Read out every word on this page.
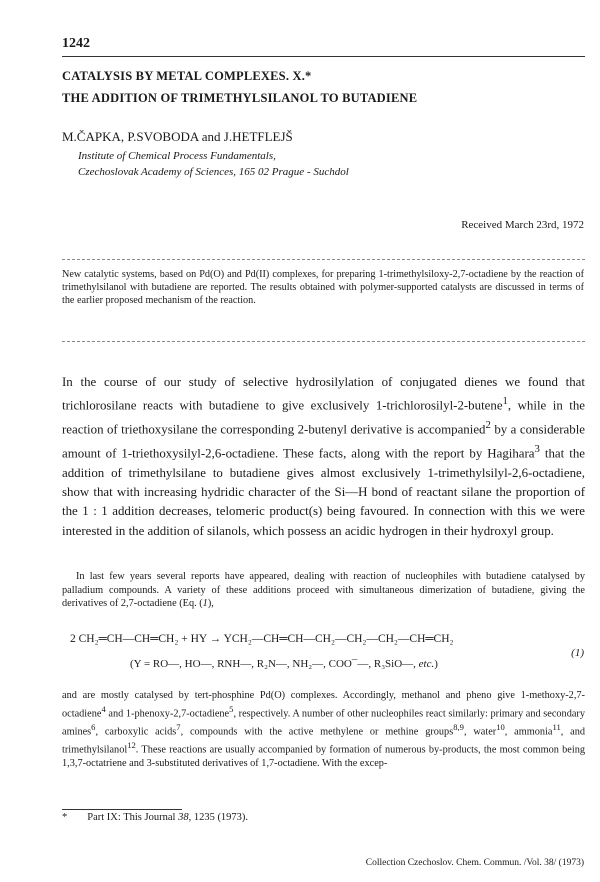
1242
CATALYSIS BY METAL COMPLEXES. X.*
THE ADDITION OF TRIMETHYLSILANOL TO BUTADIENE
M.ČAPKA, P.SVOBODA and J.HETFLEJŠ
Institute of Chemical Process Fundamentals,
Czechoslovak Academy of Sciences, 165 02 Prague - Suchdol
Received March 23rd, 1972
New catalytic systems, based on Pd(O) and Pd(II) complexes, for preparing 1-trimethylsiloxy-2,7-octadiene by the reaction of trimethylsilanol with butadiene are reported. The results obtained with polymer-supported catalysts are discussed in terms of the earlier proposed mechanism of the reaction.
In the course of our study of selective hydrosilylation of conjugated dienes we found that trichlorosilane reacts with butadiene to give exclusively 1-trichlorosilyl-2-butene$^1$, while in the reaction of triethoxysilane the corresponding 2-butenyl derivative is accompanied$^2$ by a considerable amount of 1-triethoxysilyl-2,6-octadiene. These facts, along with the report by Hagihara$^3$ that the addition of trimethylsilane to butadiene gives almost exclusively 1-trimethylsilyl-2,6-octadiene, show that with increasing hydridic character of the Si—H bond of reactant silane the proportion of the 1 : 1 addition decreases, telomeric product(s) being favoured. In connection with this we were interested in the addition of silanols, which possess an acidic hydrogen in their hydroxyl group.
In last few years several reports have appeared, dealing with reaction of nucleophiles with butadiene catalysed by palladium compounds. A variety of these additions proceed with simultaneous dimerization of butadiene, giving the derivatives of 2,7-octadiene (Eq. (1),
2 CH₂═CH—CH═CH₂ + HY → YCH₂—CH═CH—CH₂—CH₂—CH₂—CH═CH₂
(1)
(Y = RO—, HO—, RNH—, R₂N—, NH₂—, COO¯—, R₃SiO—, etc.)
and are mostly catalysed by tert-phosphine Pd(O) complexes. Accordingly, methanol and pheno give 1-methoxy-2,7-octadiene$^4$ and 1-phenoxy-2,7-octadiene$^5$, respectively. A number of other nucleophiles react similarly: primary and secondary amines$^6$, carboxylic acids$^7$, compounds with the active methylene or methine groups$^{8,9}$, water$^{10}$, ammonia$^{11}$, and trimethylsilanol$^{12}$. These reactions are usually accompanied by formation of numerous by-products, the most common being 1,3,7-octatriene and 3-substituted derivatives of 1,7-octadiene. With the excep-
* Part IX: This Journal 38, 1235 (1973).
Collection Czechoslov. Chem. Commun. /Vol. 38/ (1973)
